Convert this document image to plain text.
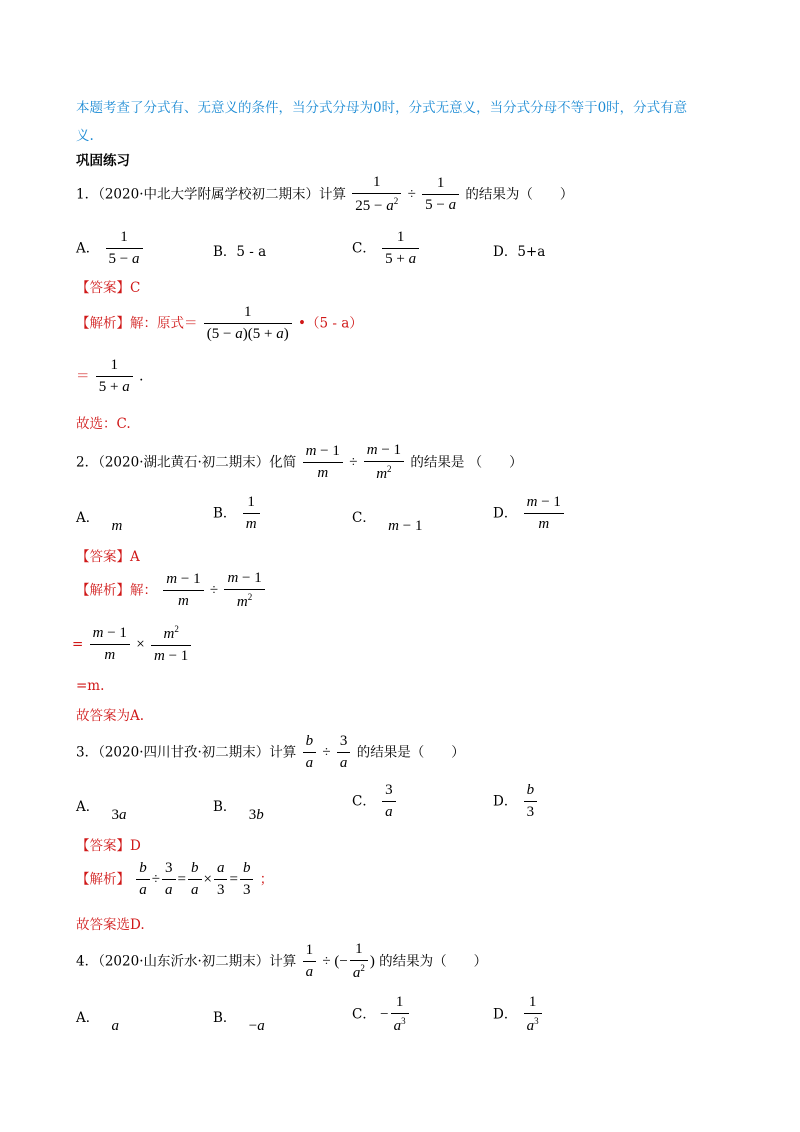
本题考查了分式有、无意义的条件，当分式分母为0时，分式无意义，当分式分母不等于0时，分式有意
义.
巩固练习
1．（2020·中北大学附属学校初二期末）计算 $\frac{1}{25 - a^2} \div \frac{1}{5 - a}$ 的结果为（　　）
A． $\frac{1}{5 - a}$	B．5 - a	C． $\frac{1}{5 + a}$	D．5+a
【答案】C
【解析】解：原式＝ $\frac{1}{(5 - a)(5 + a)}$ •（5 - a）
＝ $\frac{1}{5 + a}$ .
故选：C.
2．（2020·湖北黄石·初二期末）化简 $\frac{m - 1}{m} \div \frac{m - 1}{m^2}$ 的结果是 （　　）
A． m
B． $\frac{1}{m}$	C． m − 1
D． $\frac{m - 1}{m}$
【答案】A
【解析】解： $\frac{m - 1}{m} \div \frac{m - 1}{m^2}$
= $\frac{m - 1}{m} \times \frac{m^2}{m - 1}$
=m.
故答案为A.
3．（2020·四川甘孜·初二期末）计算 $\frac{b}{a} \div \frac{3}{a}$ 的结果是（　　）
A． 3a	B． 3b
C． $\frac{3}{a}$	D． $\frac{b}{3}$
【答案】D
【解析】 $\frac{b}{a} \div \frac{3}{a} = \frac{b}{a} \times \frac{a}{3} = \frac{b}{3}$ ；
故答案选D.
4．（2020·山东沂水·初二期末）计算 $\frac{1}{a}$ ÷ (− $\frac{1}{a^2}$ ) 的结果为（　　）
A． a	B． −a
C． − $\frac{1}{a^3}$	D． $\frac{1}{a^3}$
